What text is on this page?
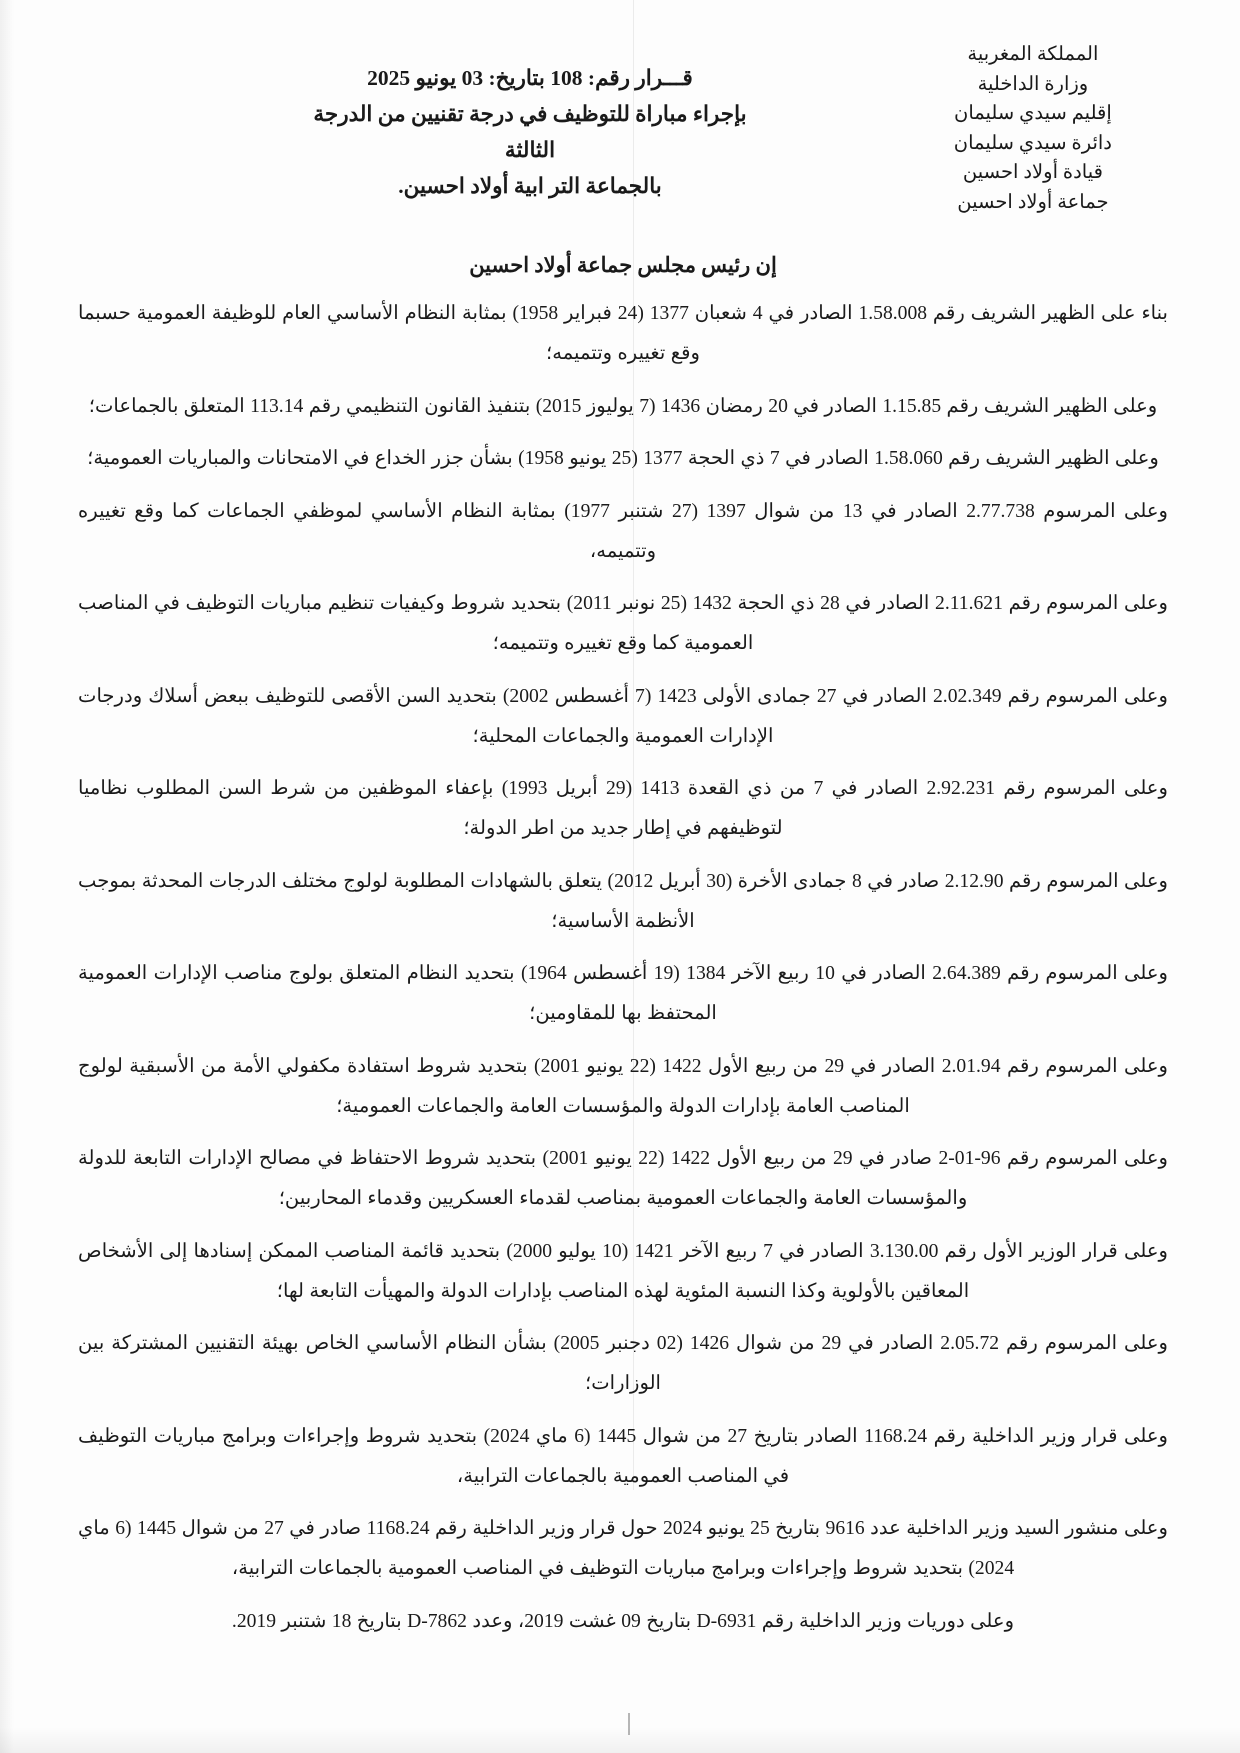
المملكة المغربية
وزارة الداخلية
إقليم سيدي سليمان
دائرة سيدي سليمان
قيادة أولاد احسين
جماعة أولاد احسين
قـــرار رقم: 108 بتاريخ: 03 يونيو 2025
بإجراء مباراة للتوظيف في درجة تقنيين من الدرجة الثالثة
بالجماعة التر ابية أولاد احسين.
إن رئيس مجلس جماعة أولاد احسين

بناء على الظهير الشريف رقم 1.58.008 الصادر في 4 شعبان 1377 (24 فبراير 1958) بمثابة النظام الأساسي العام للوظيفة العمومية حسبما وقع تغييره وتتميمه؛

وعلى الظهير الشريف رقم 1.15.85 الصادر في 20 رمضان 1436 (7 يوليوز 2015) بتنفيذ القانون التنظيمي رقم 113.14 المتعلق بالجماعات؛

وعلى الظهير الشريف رقم 1.58.060 الصادر في 7 ذي الحجة 1377 (25 يونيو 1958) بشأن جزر الخداع في الامتحانات والمباريات العمومية؛

وعلى المرسوم 2.77.738 الصادر في 13 من شوال 1397 (27 شتنبر 1977) بمثابة النظام الأساسي لموظفي الجماعات كما وقع تغييره وتتميمه،

وعلى المرسوم رقم 2.11.621 الصادر في 28 ذي الحجة 1432 (25 نونبر 2011) بتحديد شروط وكيفيات تنظيم مباريات التوظيف في المناصب العمومية كما وقع تغييره وتتميمه؛

وعلى المرسوم رقم 2.02.349 الصادر في 27 جمادى الأولى 1423 (7 أغسطس 2002) بتحديد السن الأقصى للتوظيف ببعض أسلاك ودرجات الإدارات العمومية والجماعات المحلية؛

وعلى المرسوم رقم 2.92.231 الصادر في 7 من ذي القعدة 1413 (29 أبريل 1993) بإعفاء الموظفين من شرط السن المطلوب نظاميا لتوظيفهم في إطار جديد من اطر الدولة؛

وعلى المرسوم رقم 2.12.90 صادر في 8 جمادى الأخرة (30 أبريل 2012) يتعلق بالشهادات المطلوبة لولوج مختلف الدرجات المحدثة بموجب الأنظمة الأساسية؛

وعلى المرسوم رقم 2.64.389 الصادر في 10 ربيع الآخر 1384 (19 أغسطس 1964) بتحديد النظام المتعلق بولوج مناصب الإدارات العمومية المحتفظ بها للمقاومين؛

وعلى المرسوم رقم 2.01.94 الصادر في 29 من ربيع الأول 1422 (22 يونيو 2001) بتحديد شروط استفادة مكفولي الأمة من الأسبقية لولوج المناصب العامة بإدارات الدولة والمؤسسات العامة والجماعات العمومية؛

وعلى المرسوم رقم 96-01-2 صادر في 29 من ربيع الأول 1422 (22 يونيو 2001) بتحديد شروط الاحتفاظ في مصالح الإدارات التابعة للدولة والمؤسسات العامة والجماعات العمومية بمناصب لقدماء العسكريين وقدماء المحاربين؛

وعلى قرار الوزير الأول رقم 3.130.00 الصادر في 7 ربيع الآخر 1421 (10 يوليو 2000) بتحديد قائمة المناصب الممكن إسنادها إلى الأشخاص المعاقين بالأولوية وكذا النسبة المئوية لهذه المناصب بإدارات الدولة والمهيأت التابعة لها؛

وعلى المرسوم رقم 2.05.72 الصادر في 29 من شوال 1426 (02 دجنبر 2005) بشأن النظام الأساسي الخاص بهيئة التقنيين المشتركة بين الوزارات؛

وعلى قرار وزير الداخلية رقم 1168.24 الصادر بتاريخ 27 من شوال 1445 (6 ماي 2024) بتحديد شروط وإجراءات وبرامج مباريات التوظيف في المناصب العمومية بالجماعات الترابية،

وعلى منشور السيد وزير الداخلية عدد 9616 بتاريخ 25 يونيو 2024 حول قرار وزير الداخلية رقم 1168.24 صادر في 27 من شوال 1445 (6 ماي 2024) بتحديد شروط وإجراءات وبرامج مباريات التوظيف في المناصب العمومية بالجماعات الترابية،

وعلى دوريات وزير الداخلية رقم D-6931 بتاريخ 09 غشت 2019، وعدد D-7862 بتاريخ 18 شتنبر 2019.
